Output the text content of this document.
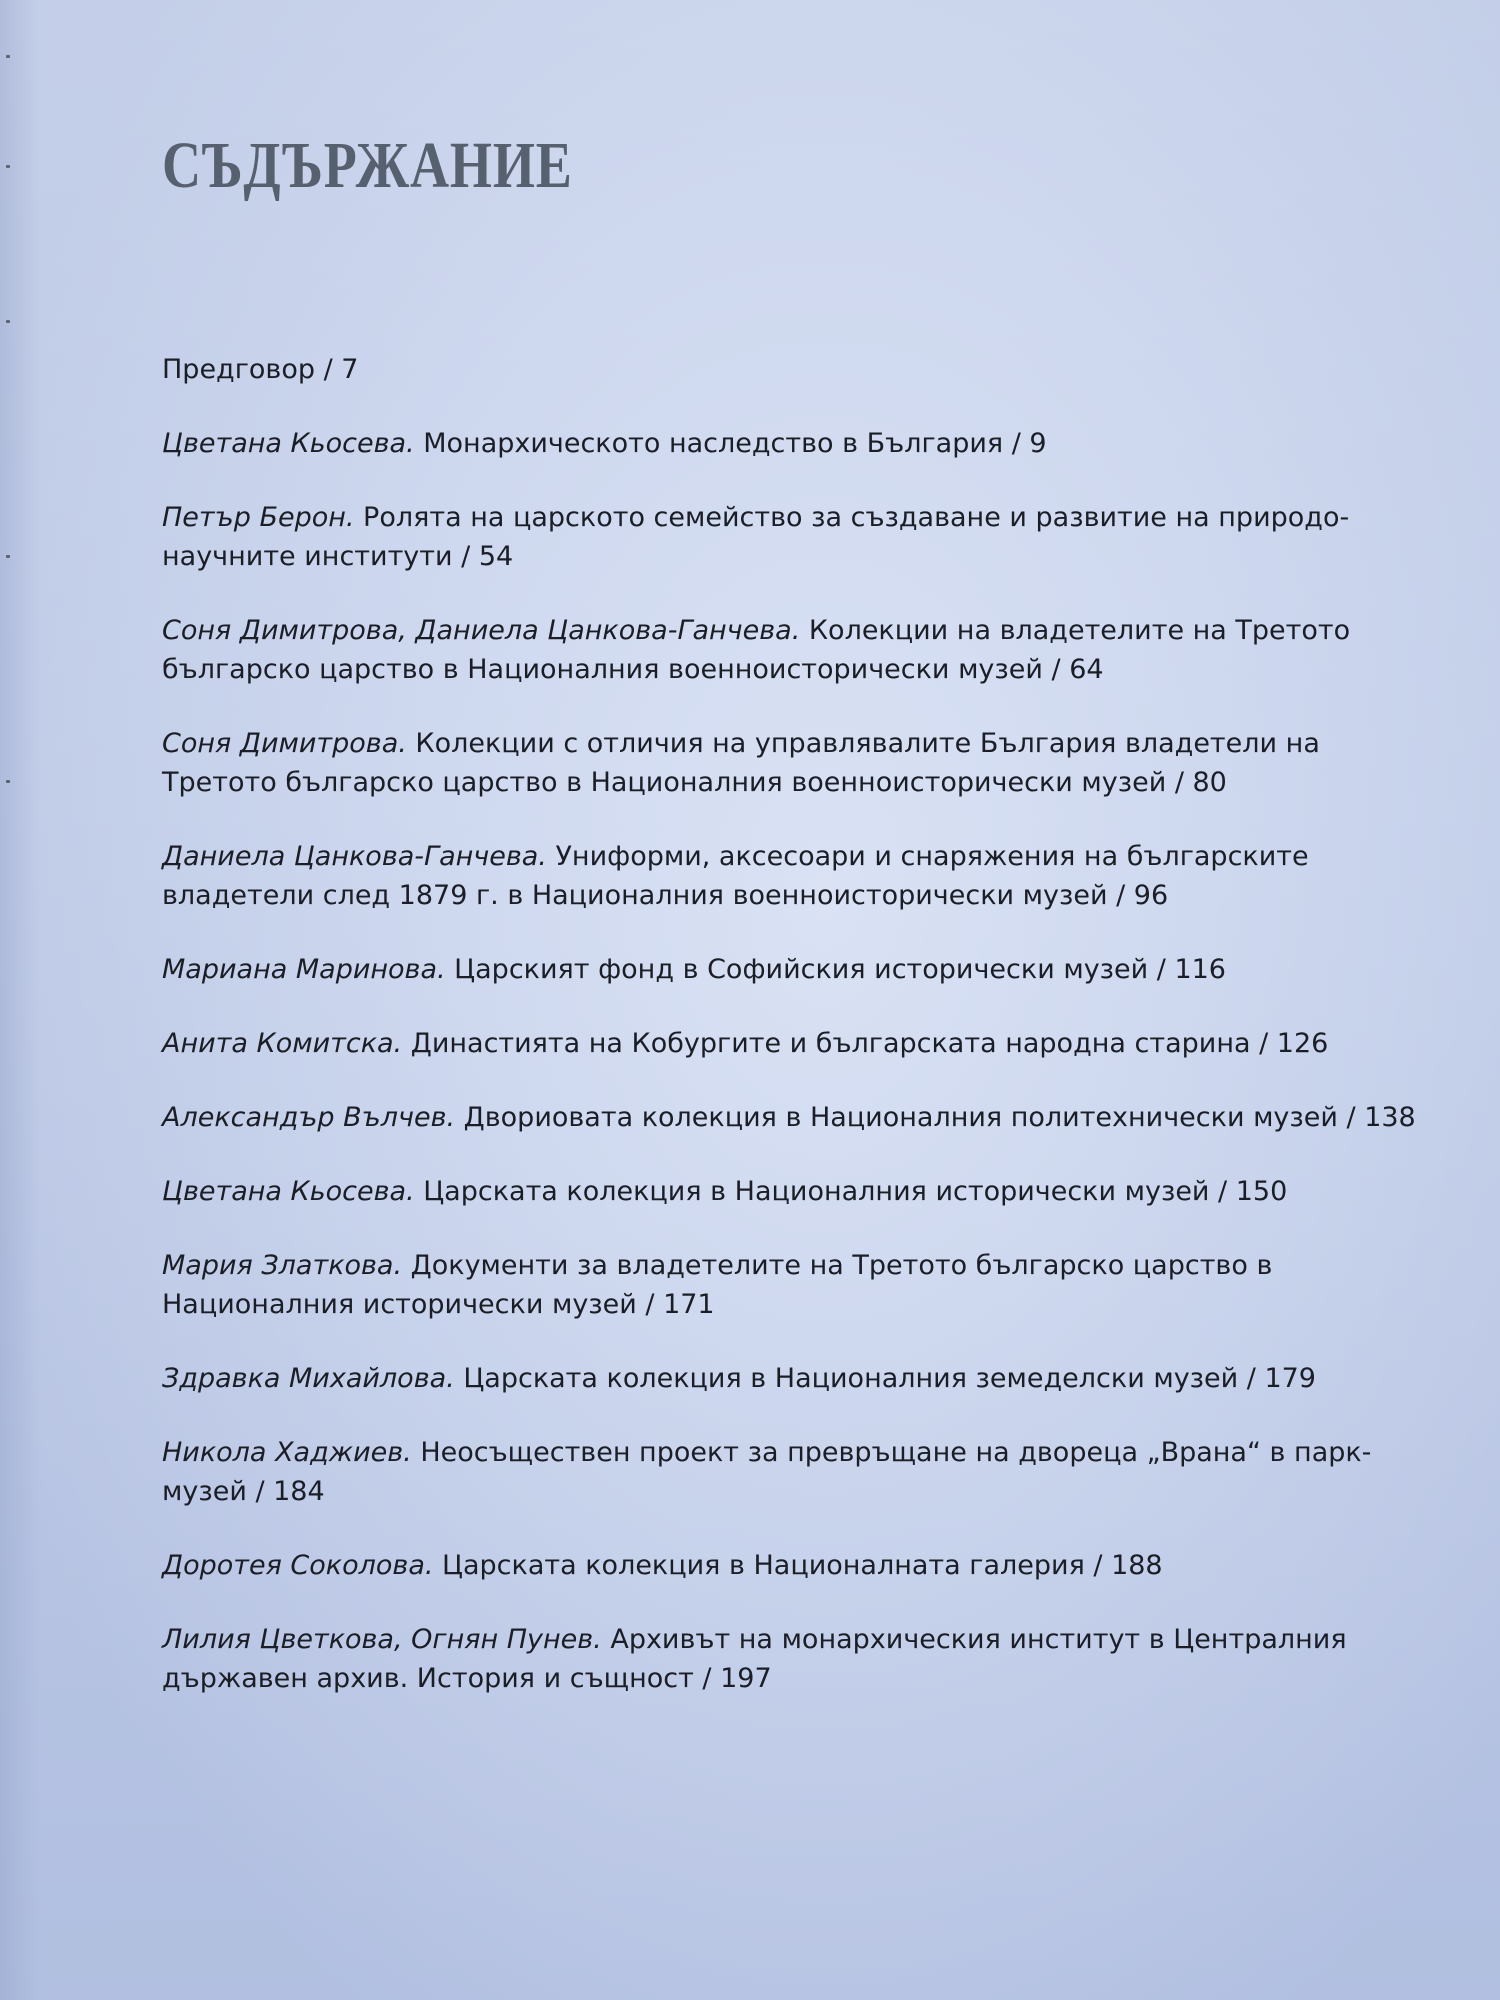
СЪДЪРЖАНИЕ
Предговор / 7
Цветана Кьосева. Монархическото наследство в България / 9
Петър Берон. Ролята на царското семейство за създаване и развитие на природо-научните институти / 54
Соня Димитрова, Даниела Цанкова-Ганчева. Колекции на владетелите на Третото българско царство в Националния военноисторически музей / 64
Соня Димитрова. Колекции с отличия на управлявалите България владетели на Третото българско царство в Националния военноисторически музей / 80
Даниела Цанкова-Ганчева. Униформи, аксесоари и снаряжения на българските владетели след 1879 г. в Националния военноисторически музей / 96
Мариана Маринова. Царският фонд в Софийския исторически музей / 116
Анита Комитска. Династията на Кобургите и българската народна старина / 126
Александър Вълчев. Двориовата колекция в Националния политехнически музей / 138
Цветана Кьосева. Царската колекция в Националния исторически музей / 150
Мария Златкова. Документи за владетелите на Третото българско царство в Националния исторически музей / 171
Здравка Михайлова. Царската колекция в Националния земеделски музей / 179
Никола Хаджиев. Неосъществен проект за превръщане на двореца „Врана“ в парк-музей / 184
Доротея Соколова. Царската колекция в Националната галерия / 188
Лилия Цветкова, Огнян Пунев. Архивът на монархическия институт в Централния държавен архив. История и същност / 197
